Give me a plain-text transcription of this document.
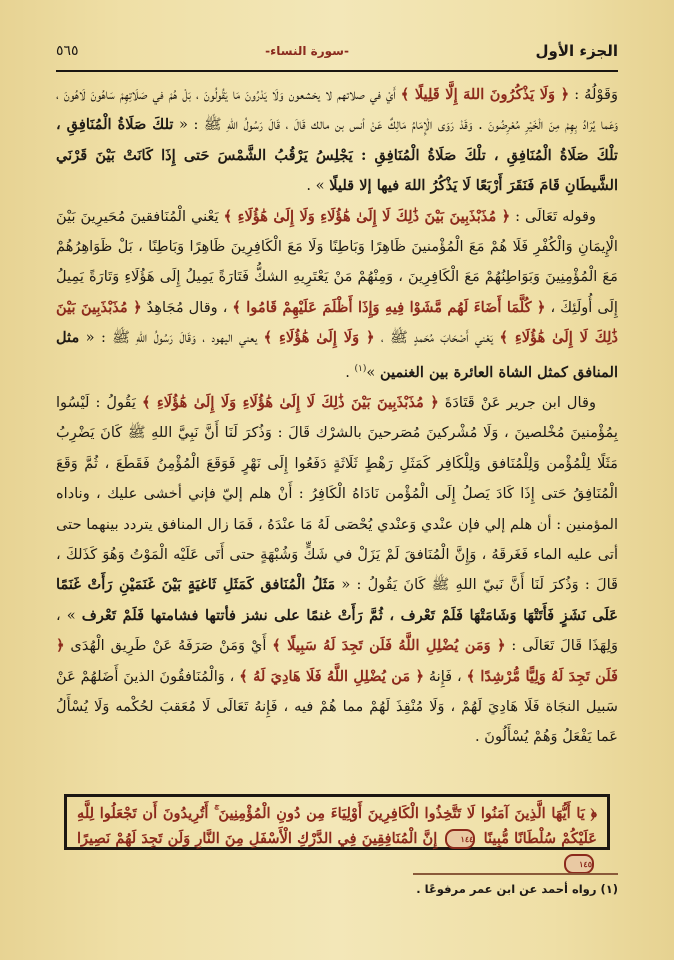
الجزء الأول
-سورة النساء-
٥٦٥

وَقَوْلُهُ : ﴿ وَلَا يَذْكُرُونَ اللهَ إِلَّا قَلِيلًا ﴾ أَيْ في صلاتهم لا يخشعون وَلَا يَدْرُونَ مَا يَقُولُونَ ، بَلْ هُمْ في صَلَاتِهِمْ سَاهُونَ لَاهُونَ ، وَعَما يُرَادُ بِهِمْ مِنَ الْخَيْرِ مُعْرِضُونَ . وَقَدْ رَوَى الْإِمَامُ مَالِكٌ عَنْ أنس بن مالك قَالَ ، قَالَ رَسُولُ اللهِ ﷺ : « تلكَ صَلَاةُ الْمُنَافِقِ ، تلْكَ صَلَاةُ الْمُنَافِقِ ، تلْكَ صَلَاةُ الْمُنَافِقِ : يَجْلِسُ يَرْقُبُ الشَّمْسَ حَتى إِذَا كَانَتْ بَيْنَ قَرْنَي الشَّيطَانِ قَامَ فَنَقَرَ أَرْبَعًا لَا يَذْكُرُ اللهَ فيها إلا قليلًا » .

وقوله تَعَالَى : ﴿ مُذَبْذَبِينَ بَيْنَ ذَٰلِكَ لَا إِلَىٰ هَٰؤُلَاءِ وَلَا إِلَىٰ هَٰؤُلَاءِ ﴾ يَعْني الْمُنَافقينَ مُحَيرِينَ بَيْنَ الْإِيمَانِ وَالْكُفْرِ فَلَا هُمْ مَعَ الْمُؤْمنينَ ظَاهِرًا وَبَاطِنًا وَلَا مَعَ الْكَافِرِينَ ظَاهِرًا وَبَاطِنًا ، بَلْ ظَوَاهِرُهُمْ مَعَ الْمُؤْمِنِينَ وَبَوَاطِنُهُمْ مَعَ الْكَافِرِينَ ، وَمِنْهُمْ مَنْ يَعْتَرِيهِ الشكُّ فَتَارَةً يَمِيلُ إِلَى هَؤُلَاءِ وَتَارَةً يَمِيلُ إِلَى أُولَئِكَ ، ﴿ كُلَّمَا أَضَاءَ لَهُم مَّشَوْا فِيهِ وَإِذَا أَظْلَمَ عَلَيْهِمْ قَامُوا ﴾ ، وقال مُجَاهِدٌ ﴿ مُذَبْذَبِينَ بَيْنَ ذَٰلِكَ لَا إِلَىٰ هَٰؤُلَاءِ ﴾ يَعْني أَصْحَابَ مُحَمدٍ ﷺ ، ﴿ وَلَا إِلَىٰ هَٰؤُلَاءِ ﴾ يعني اليهود ، وَقَالَ رَسُولُ اللهِ ﷺ : « مثل المنافق كمثل الشاة العائرة بين الغنمين »$^{(١)}$ .

وقال ابن جرير عَنْ قَتَادَةَ ﴿ مُذَبْذَبِينَ بَيْنَ ذَٰلِكَ لَا إِلَىٰ هَٰؤُلَاءِ وَلَا إِلَىٰ هَٰؤُلَاءِ ﴾ يَقُولُ : لَيْسُوا بِمُؤْمنينَ مُخْلصينَ ، وَلَا مُشْركينَ مُصَرحينَ بالشرْك قَالَ : وَذُكرَ لَنَا أَنَّ نَبِيَّ اللهِ ﷺ كَانَ يَضْرِبُ مَثَلًا لِلْمُؤْمن وَلِلْمُنَافق وَلِلْكَافِر كَمَثَلِ رَهْطٍ ثَلَاثَةٍ دَفَعُوا إِلَى نَهْرٍ فَوَقَعَ الْمُؤْمِنُ فَقَطَعَ ، ثُمَّ وَقَعَ الْمُنَافِقُ حَتى إِذَا كَادَ يَصلُ إِلَى الْمُؤْمن نَادَاهُ الْكَافِرُ : أَنْ هلم إليّ فإني أخشى عليك ، وناداه المؤمنين : أن هلم إلي فإن عنْدي وَعنْدي يُحْصَى لَهُ مَا عنْدَهُ ، فَمَا زال المنافق يتردد بينهما حتى أتى عليه الماء فَغَرقَهُ ، وَإِنَّ الْمُنَافقَ لَمْ يَزَلْ في شَكٍّ وَشُبْهَةٍ حتى أَتَى عَلَيْه الْمَوْتُ وَهُوَ كَذَلكَ ، قَالَ : وَذُكرَ لَنَا أَنَّ نَبيّ اللهِ ﷺ كَانَ يَقُولُ : « مَثَلُ الْمُنَافق كَمَثَلِ ثَاغيَةٍ بَيْنَ غَنَمَيْنِ رَأَتْ غَنَمًا عَلَى نَشَزٍ فَأَتَتْهَا وَشَامَتْهَا فَلَمْ تَعْرف ، ثُمَّ رَأَتْ غنمًا على نشز فأتتها فشامتها فَلَمْ تَعْرف » ، وَلِهَذَا قَالَ تَعَالَى : ﴿ وَمَن يُضْلِلِ اللَّهُ فَلَن تَجِدَ لَهُ سَبِيلًا ﴾ أَيْ وَمَنْ صَرَفَهُ عَنْ طَرِيق الْهُدَى ﴿ فَلَن تَجِدَ لَهُ وَلِيًّا مُّرْشِدًا ﴾ ، فَإِنهُ ﴿ مَن يُضْلِلِ اللَّهُ فَلَا هَادِيَ لَهُ ﴾ ، وَالْمُنَافقُونَ الذينَ أَضَلهُمْ عَنْ سَبيل النجَاة فَلَا هَادِيَ لَهُمْ ، وَلَا مُنْقِذَ لَهُمْ مما هُمْ فيه ، فَإِنهُ تَعَالَى لَا مُعَقبَ لحُكْمه وَلَا يُسْأَلُ عَما يَفْعَلُ وَهُمْ يُسْأَلُونَ .

﴿ يَا أَيُّهَا الَّذِينَ آمَنُوا لَا تَتَّخِذُوا الْكَافِرِينَ أَوْلِيَاءَ مِن دُونِ الْمُؤْمِنِينَ ۚ أَتُرِيدُونَ أَن تَجْعَلُوا لِلَّهِ عَلَيْكُمْ سُلْطَانًا مُّبِينًا ١٤٤ إِنَّ الْمُنَافِقِينَ فِي الدَّرْكِ الْأَسْفَلِ مِنَ النَّارِ وَلَن تَجِدَ لَهُمْ نَصِيرًا ١٤٥
(١) رواه أحمد عن ابن عمر مرفوعًا .
